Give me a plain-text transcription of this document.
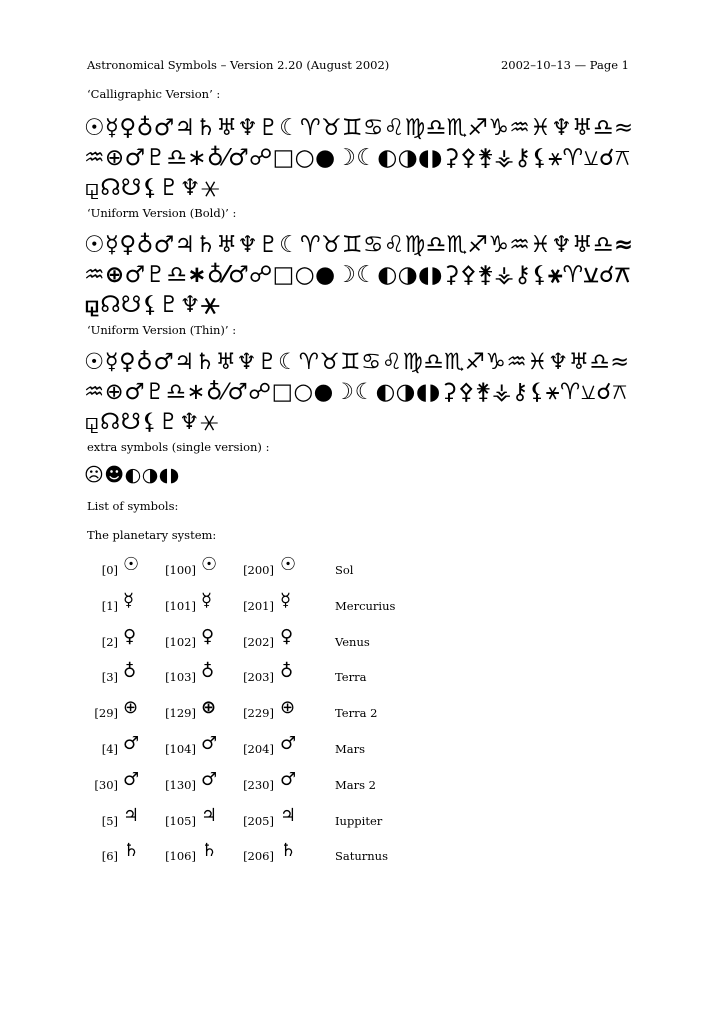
Astronomical Symbols – Version 2.20 (August 2002)	2002–10–13 — Page 1
‘Calligraphic Version’ :
☉☿♀♁♂♃♄♅♆♇☾♈♉♊♋♌♍♎♏♐♑♒♓♆♅♎≈♒⊕♂♇♎∗♁⁄♂☍□○●☽☾◐◑◖◗⚳⚴⚵⚶⚷⚸⚹♈⚺☌⚻⚼☊☋⚸♇♆⚹
‘Uniform Version (Bold)’ :
☉☿♀♁♂♃♄♅♆♇☾♈♉♊♋♌♍♎♏♐♑♒♓♆♅♎≈♒⊕♂♇♎∗♁⁄♂☍□○●☽☾◐◑◖◗⚳⚴⚵⚶⚷⚸⚹♈⚺☌⚻⚼☊☋⚸♇♆⚹
‘Uniform Version (Thin)’ :
☉☿♀♁♂♃♄♅♆♇☾♈♉♊♋♌♍♎♏♐♑♒♓♆♅♎≈♒⊕♂♇♎∗♁⁄♂☍□○●☽☾◐◑◖◗⚳⚴⚵⚶⚷⚸⚹♈⚺☌⚻⚼☊☋⚸♇♆⚹
extra symbols (single version) :
☹☻◐◑◖◗
List of symbols:
The planetary system:
[0] ☉ [100] ☉ [200] ☉	Sol
[1] ☿	[101] ☿	[201] ☿	Mercurius
[2] ♀	[102] ♀	[202] ♀	Venus
[3] ♁	[103] ♁	[203] ♁	Terra
[29] ⊕ [129] ⊕ [229] ⊕	Terra 2
[4] ♂ [104] ♂ [204] ♂	Mars
[30] ♂ [130] ♂ [230] ♂	Mars 2
[5] ♃ [105] ♃ [205] ♃	Iuppiter
[6] ♄ [106] ♄ [206] ♄	Saturnus
